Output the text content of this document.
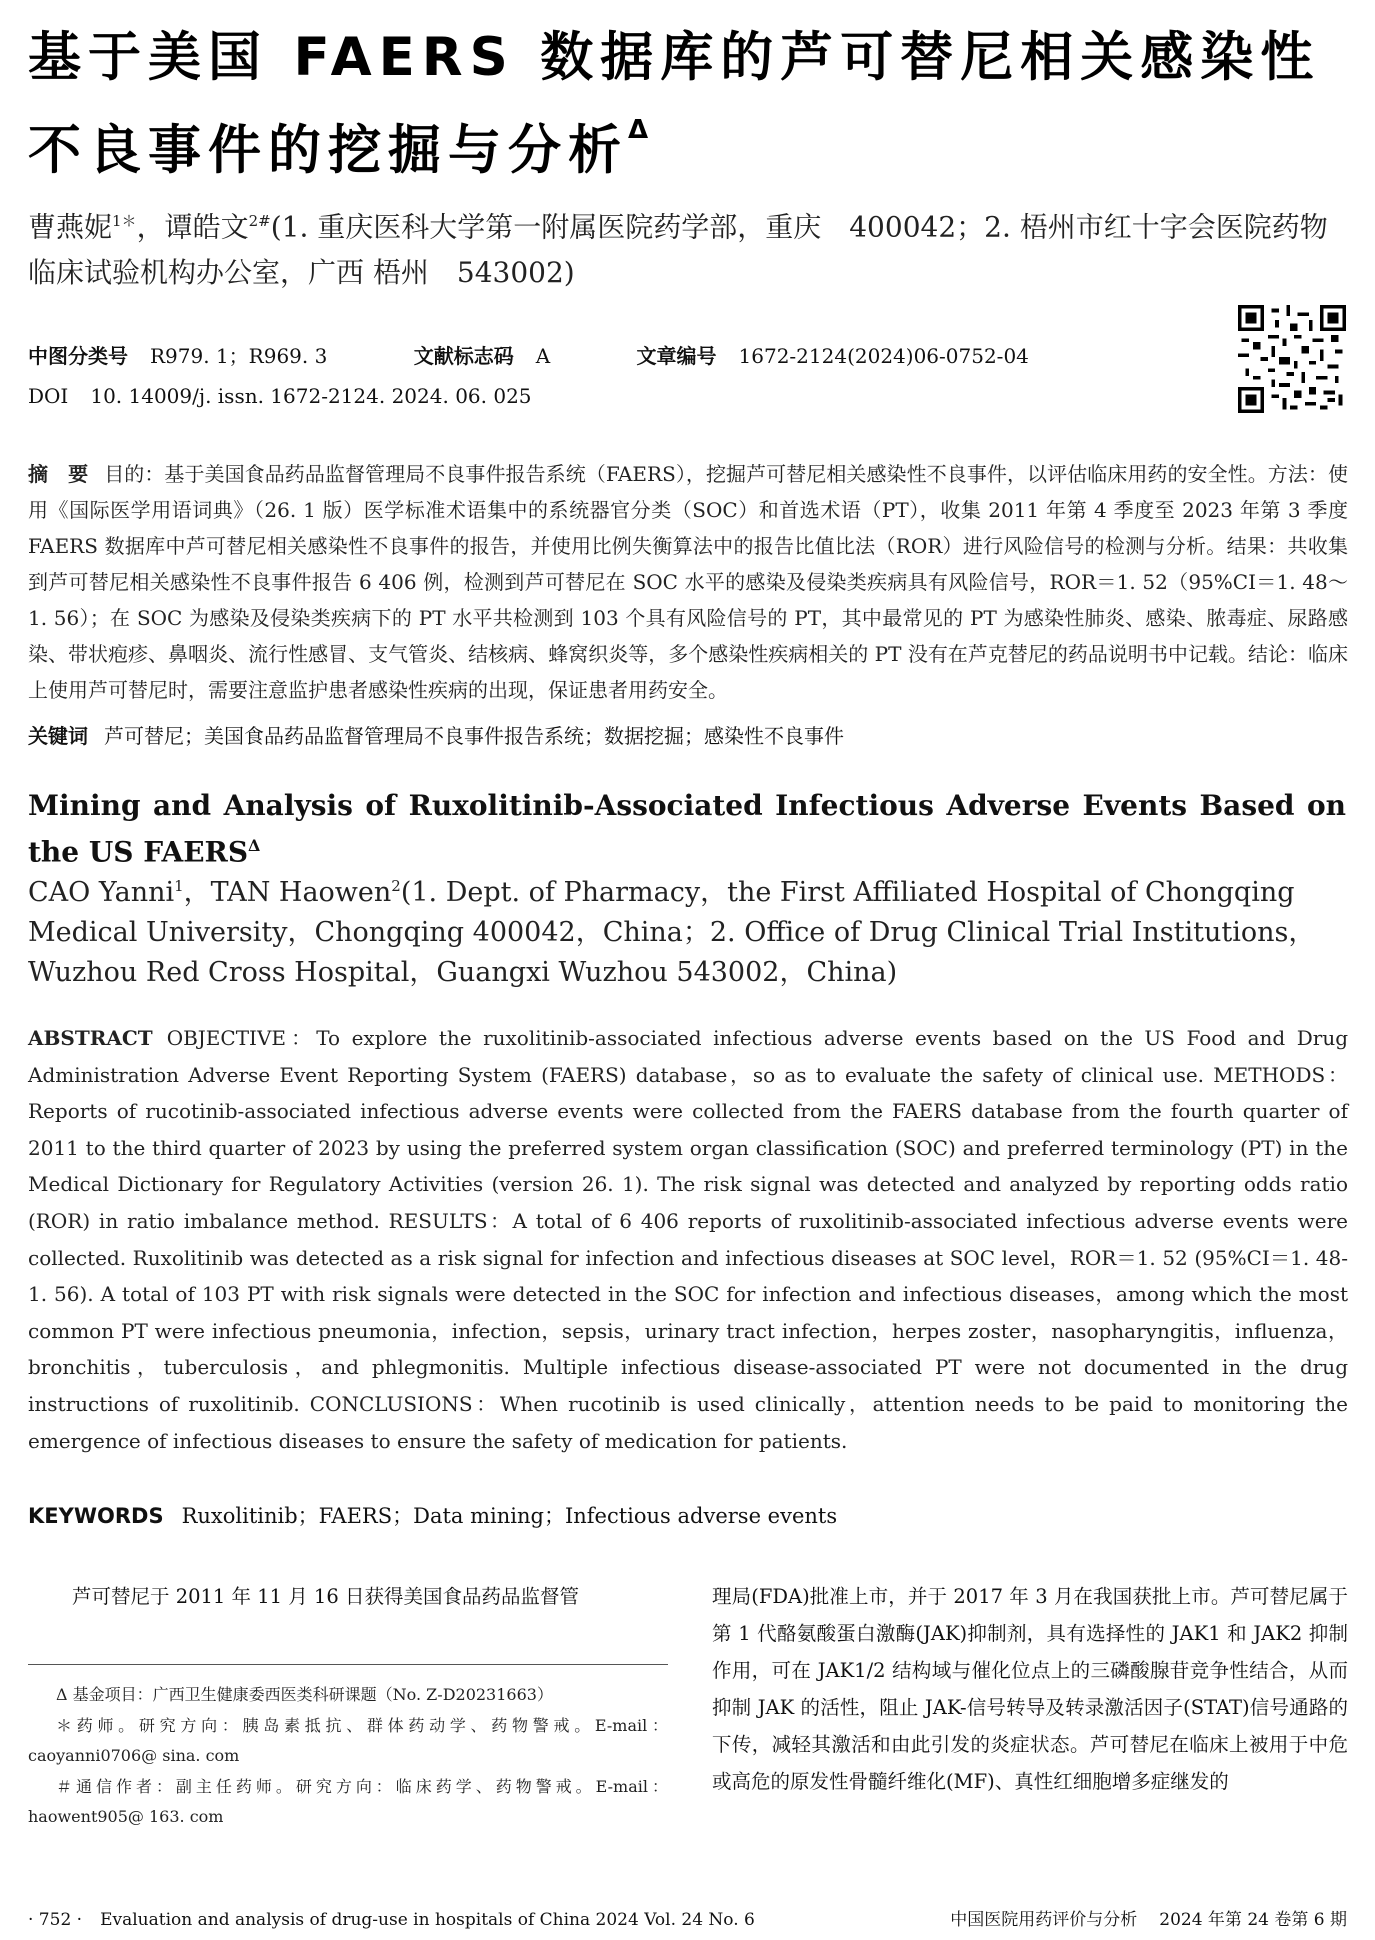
基于美国 FAERS 数据库的芦可替尼相关感染性不良事件的挖掘与分析$^\Delta$
曹燕妮$^{1*}$，谭皓文$^{2\#}$(1. 重庆医科大学第一附属医院药学部，重庆　400042；2. 梧州市红十字会医院药物临床试验机构办公室，广西 梧州　543002)
中图分类号 R979. 1；R969. 3	文献标志码 A	文章编号 1672-2124(2024)06-0752-04
DOI 10. 14009/j. issn. 1672-2124. 2024. 06. 025
摘　要 目的：基于美国食品药品监督管理局不良事件报告系统（FAERS），挖掘芦可替尼相关感染性不良事件，以评估临床用药的安全性。方法：使用《国际医学用语词典》（26. 1 版）医学标准术语集中的系统器官分类（SOC）和首选术语（PT），收集 2011 年第 4 季度至 2023 年第 3 季度 FAERS 数据库中芦可替尼相关感染性不良事件的报告，并使用比例失衡算法中的报告比值比法（ROR）进行风险信号的检测与分析。结果：共收集到芦可替尼相关感染性不良事件报告 6 406 例，检测到芦可替尼在 SOC 水平的感染及侵染类疾病具有风险信号，ROR＝1. 52（95%CI＝1. 48～1. 56）；在 SOC 为感染及侵染类疾病下的 PT 水平共检测到 103 个具有风险信号的 PT，其中最常见的 PT 为感染性肺炎、感染、脓毒症、尿路感染、带状疱疹、鼻咽炎、流行性感冒、支气管炎、结核病、蜂窝织炎等，多个感染性疾病相关的 PT 没有在芦克替尼的药品说明书中记载。结论：临床上使用芦可替尼时，需要注意监护患者感染性疾病的出现，保证患者用药安全。
关键词 芦可替尼；美国食品药品监督管理局不良事件报告系统；数据挖掘；感染性不良事件
Mining and Analysis of Ruxolitinib-Associated Infectious Adverse Events Based on the US $FAERS^\Delta$
CAO Yanni$^1$，TAN Haowen$^2$(1. Dept. of Pharmacy，the First Affiliated Hospital of Chongqing Medical University，Chongqing 400042，China；2. Office of Drug Clinical Trial Institutions，Wuzhou Red Cross Hospital，Guangxi Wuzhou 543002，China)
ABSTRACT OBJECTIVE：To explore the ruxolitinib-associated infectious adverse events based on the US Food and Drug Administration Adverse Event Reporting System (FAERS) database，so as to evaluate the safety of clinical use. METHODS：Reports of rucotinib-associated infectious adverse events were collected from the FAERS database from the fourth quarter of 2011 to the third quarter of 2023 by using the preferred system organ classification (SOC) and preferred terminology (PT) in the Medical Dictionary for Regulatory Activities (version 26. 1). The risk signal was detected and analyzed by reporting odds ratio (ROR) in ratio imbalance method. RESULTS：A total of 6 406 reports of ruxolitinib-associated infectious adverse events were collected. Ruxolitinib was detected as a risk signal for infection and infectious diseases at SOC level，ROR＝1. 52 (95%CI＝1. 48-1. 56). A total of 103 PT with risk signals were detected in the SOC for infection and infectious diseases，among which the most common PT were infectious pneumonia，infection，sepsis，urinary tract infection，herpes zoster，nasopharyngitis，influenza，bronchitis，tuberculosis，and phlegmonitis. Multiple infectious disease-associated PT were not documented in the drug instructions of ruxolitinib. CONCLUSIONS：When rucotinib is used clinically，attention needs to be paid to monitoring the emergence of infectious diseases to ensure the safety of medication for patients.
KEYWORDS Ruxolitinib；FAERS；Data mining；Infectious adverse events
芦可替尼于 2011 年 11 月 16 日获得美国食品药品监督管

Δ 基金项目：广西卫生健康委西医类科研课题（No. Z-D20231663）

＊药师。研究方向：胰岛素抵抗、群体药动学、药物警戒。E-mail：caoyanni0706@ sina. com

＃通信作者：副主任药师。研究方向：临床药学、药物警戒。E-mail：haowent905@ 163. com

理局(FDA)批准上市，并于 2017 年 3 月在我国获批上市。芦可替尼属于第 1 代酪氨酸蛋白激酶(JAK)抑制剂，具有选择性的 JAK1 和 JAK2 抑制作用，可在 JAK1/2 结构域与催化位点上的三磷酸腺苷竞争性结合，从而抑制 JAK 的活性，阻止 JAK-信号转导及转录激活因子(STAT)信号通路的下传，减轻其激活和由此引发的炎症状态。芦可替尼在临床上被用于中危或高危的原发性骨髓纤维化(MF)、真性红细胞增多症继发的
· 752 · Evaluation and analysis of drug-use in hospitals of China 2024 Vol. 24 No. 6	中国医院用药评价与分析 2024 年第 24 卷第 6 期
